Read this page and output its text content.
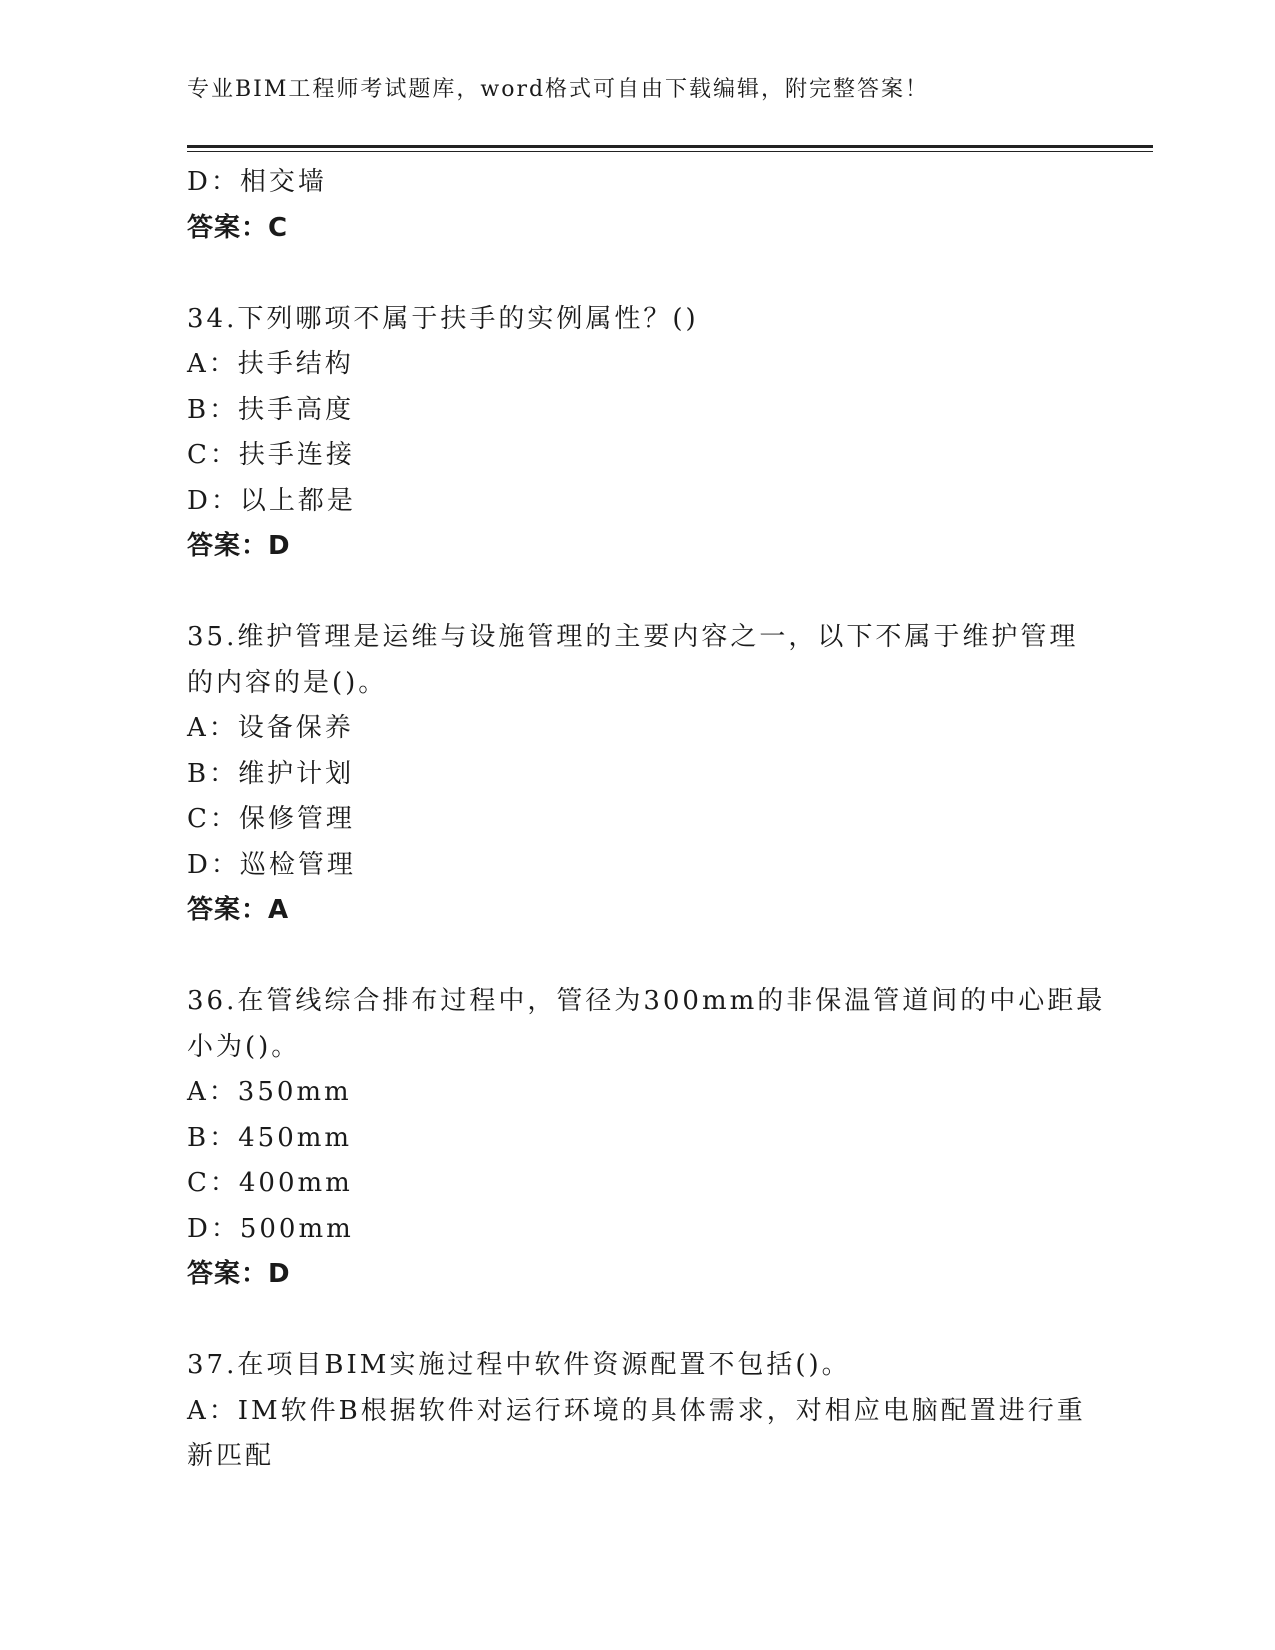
专业BIM工程师考试题库，word格式可自由下载编辑，附完整答案！
D：相交墙
答案：C
34.下列哪项不属于扶手的实例属性？()
A：扶手结构
B：扶手高度
C：扶手连接
D：以上都是
答案：D
35.维护管理是运维与设施管理的主要内容之一，以下不属于维护管理
的内容的是()。
A：设备保养
B：维护计划
C：保修管理
D：巡检管理
答案：A
36.在管线综合排布过程中，管径为300mm的非保温管道间的中心距最
小为()。
A：350mm
B：450mm
C：400mm
D：500mm
答案：D
37.在项目BIM实施过程中软件资源配置不包括()。
A：IM软件B根据软件对运行环境的具体需求，对相应电脑配置进行重
新匹配
